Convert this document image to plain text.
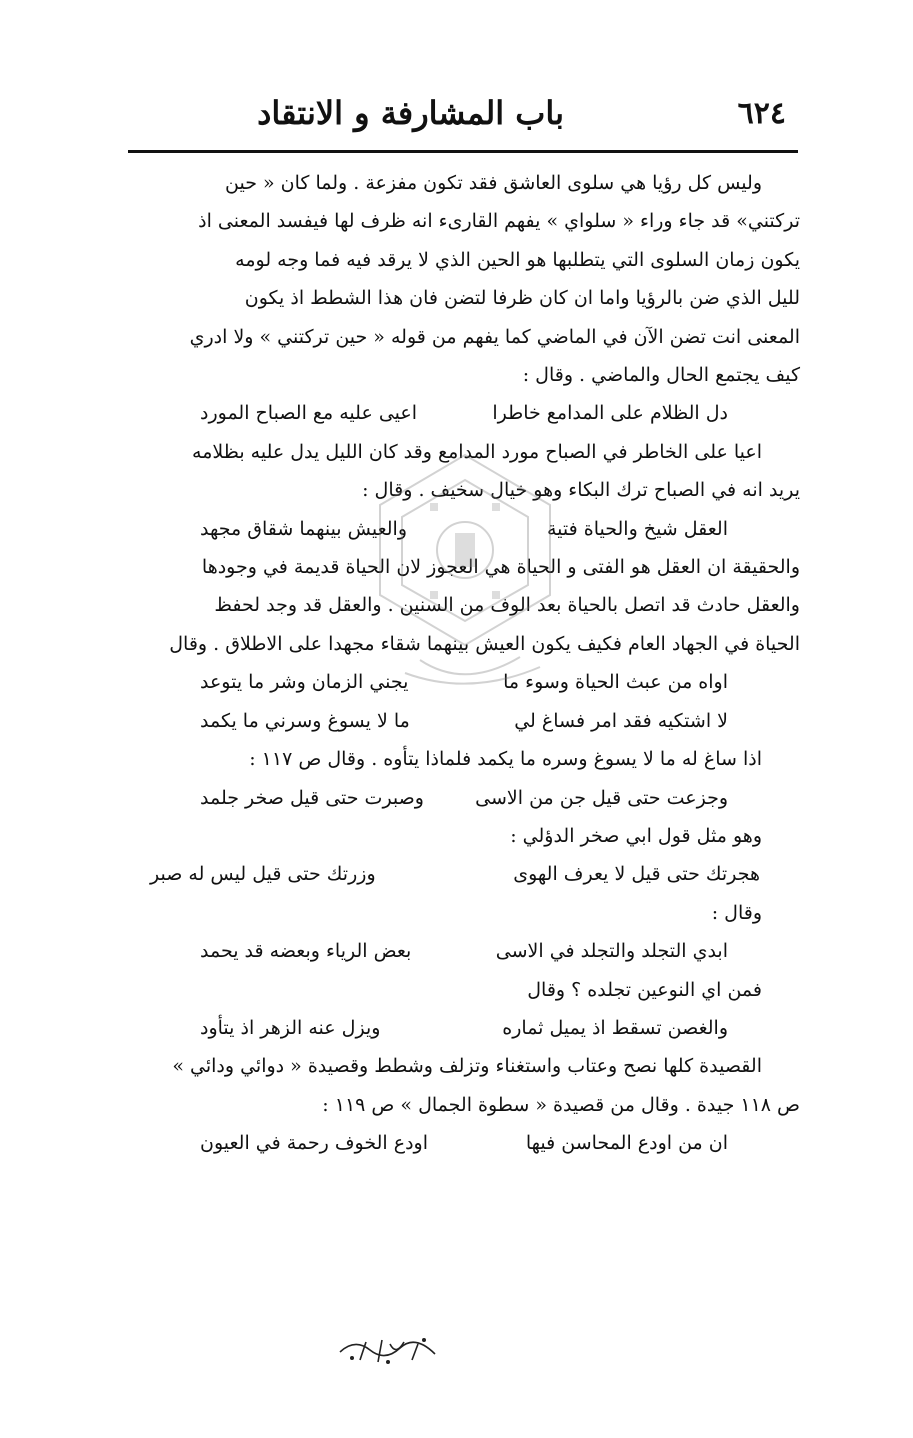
٦٢٤
باب المشارفة و الانتقاد

وليس كل رؤيا هي سلوى العاشق فقد تكون مفزعة . ولما كان « حين

تركتني» قد جاء وراء « سلواي » يفهم القارىء انه ظرف لها فيفسد المعنى اذ

يكون زمان السلوى التي يتطلبها هو الحين الذي لا يرقد فيه فما وجه لومه

لليل الذي ضن بالرؤيا واما ان كان ظرفا لتضن فان هذا الشطط اذ يكون

المعنى انت تضن الآن في الماضي كما يفهم من قوله « حين تركتني » ولا ادري

كيف يجتمع الحال والماضي . وقال :

دل الظلام على المدامع خاطرا
اعيى عليه مع الصباح المورد

اعيا على الخاطر في الصباح مورد المدامع وقد كان الليل يدل عليه بظلامه

يريد انه في الصباح ترك البكاء وهو خيال سخيف . وقال :

العقل شيخ والحياة فتية
والعيش بينهما شقاق مجهد

والحقيقة ان العقل هو الفتى و الحياة هي العجوز لان الحياة قديمة في وجودها

والعقل حادث قد اتصل بالحياة بعد الوف من السنين . والعقل قد وجد لحفظ

الحياة في الجهاد العام فكيف يكون العيش بينهما شقاء مجهدا على الاطلاق . وقال

اواه من عبث الحياة وسوء ما
يجني الزمان وشر ما يتوعد
لا اشتكيه فقد امر فساغ لي
ما لا يسوغ وسرني ما يكمد

اذا ساغ له ما لا يسوغ وسره ما يكمد فلماذا يتأوه . وقال ص ١١٧ :

وجزعت حتى قيل جن من الاسى
وصبرت حتى قيل صخر جلمد

وهو مثل قول ابي صخر الدؤلي :

هجرتك حتى قيل لا يعرف الهوى
وزرتك حتى قيل ليس له صبر

وقال :

ابدي التجلد والتجلد في الاسى
بعض الرياء وبعضه قد يحمد

فمن اي النوعين تجلده ؟ وقال

والغصن تسقط اذ يميل ثماره
ويزل عنه الزهر اذ يتأود

القصيدة كلها نصح وعتاب واستغناء وتزلف وشطط وقصيدة « دوائي ودائي »

ص ١١٨ جيدة . وقال من قصيدة « سطوة الجمال » ص ١١٩ :

ان من اودع المحاسن فيها
اودع الخوف رحمة في العيون
